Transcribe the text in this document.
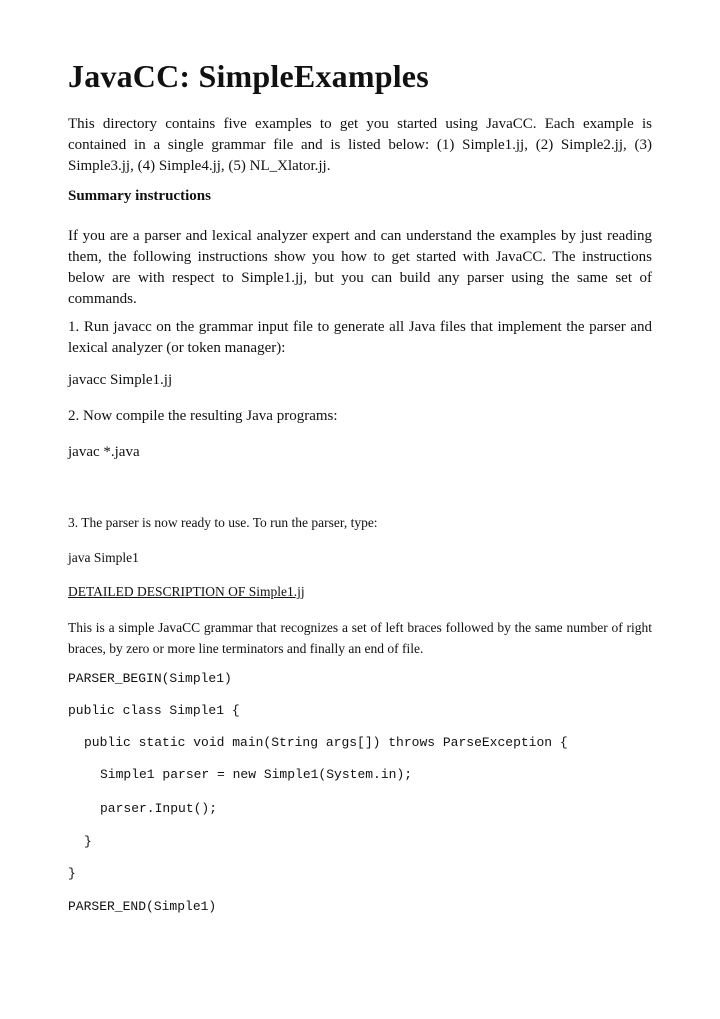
JavaCC: SimpleExamples

This directory contains five examples to get you started using JavaCC. Each example is contained in a single grammar file and is listed below: (1) Simple1.jj, (2) Simple2.jj, (3) Simple3.jj, (4) Simple4.jj, (5) NL_Xlator.jj.

Summary instructions

If you are a parser and lexical analyzer expert and can understand the examples by just reading them, the following instructions show you how to get started with JavaCC. The instructions below are with respect to Simple1.jj, but you can build any parser using the same set of commands.

1. Run javacc on the grammar input file to generate all Java files that implement the parser and lexical analyzer (or token manager):

javacc Simple1.jj

2. Now compile the resulting Java programs:

javac *.java

3. The parser is now ready to use. To run the parser, type:

java Simple1

DETAILED DESCRIPTION OF Simple1.jj

This is a simple JavaCC grammar that recognizes a set of left braces followed by the same number of right braces, by zero or more line terminators and finally an end of file.

PARSER_BEGIN(Simple1)
public class Simple1 {
public static void main(String args[]) throws ParseException {
Simple1 parser = new Simple1(System.in);
parser.Input();
}
}
PARSER_END(Simple1)
